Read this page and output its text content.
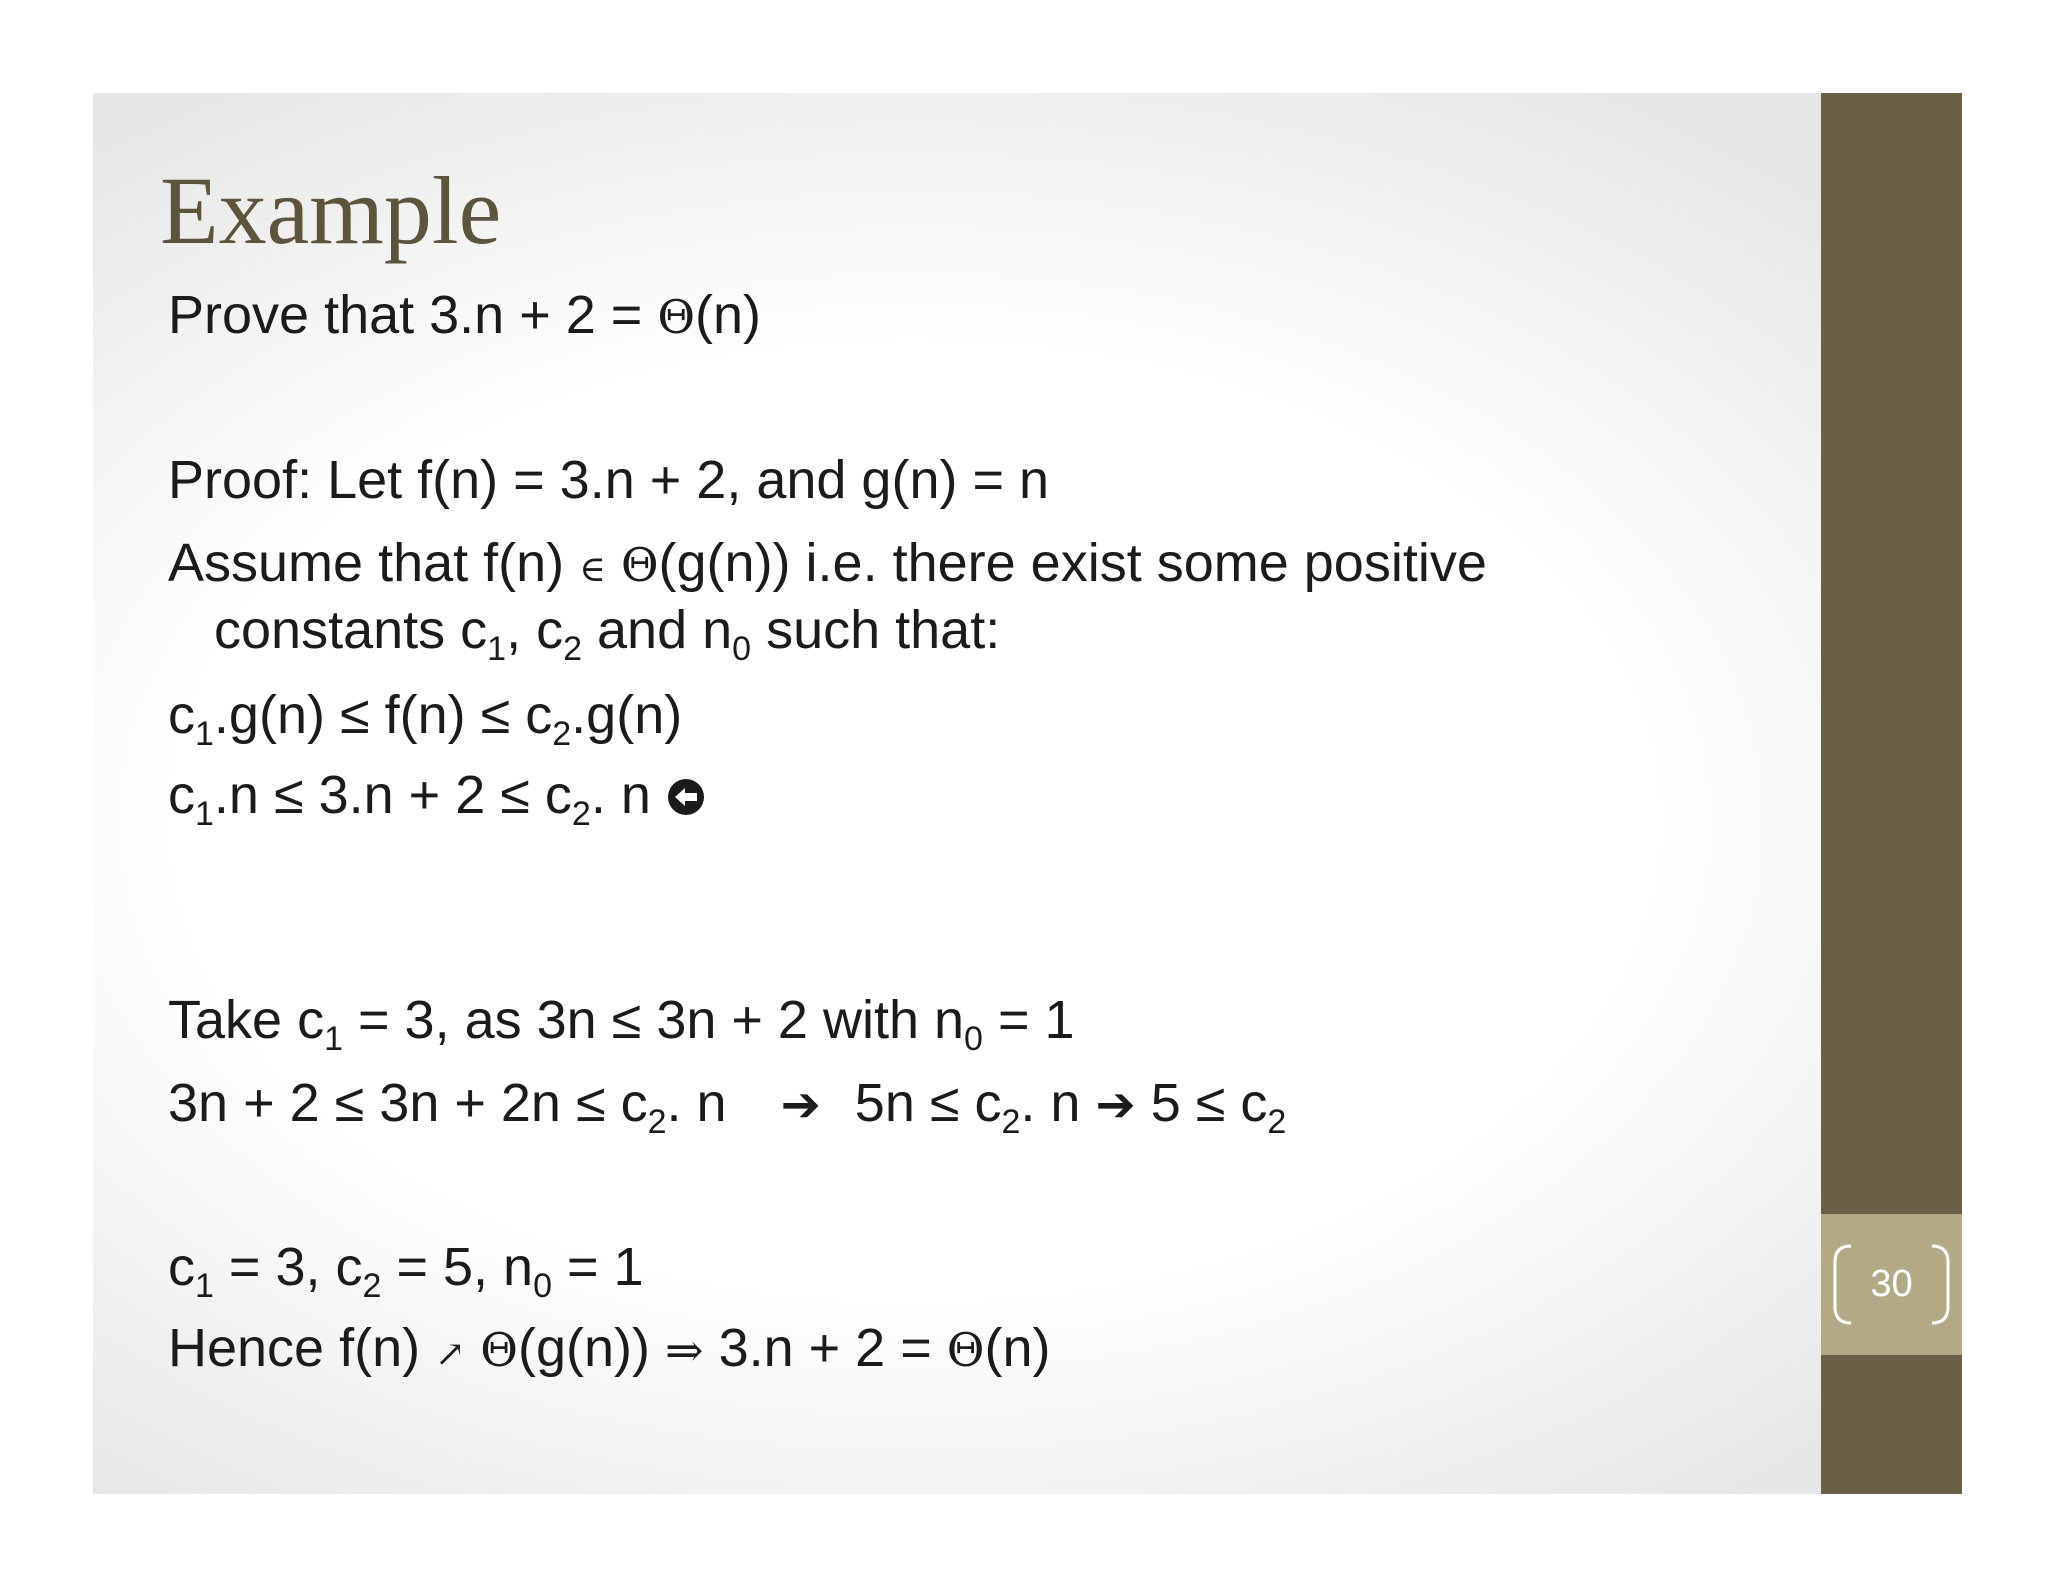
Example
Prove that 3.n + 2 = Θ(n)
Proof: Let f(n) = 3.n + 2, and g(n) = n
Assume that f(n) ∈ Θ(g(n)) i.e. there exist some positive
constants $c_1$, $c_2$ and $n_0$ such that:
$c_1.g(n) \le f(n) \le c_2.g(n)$
$c_1.n \le 3.n + 2 \le c_2$. n
Take $c_1 = 3$, as 3n ≤ 3n + 2 with $n_0 = 1$
$3n + 2 \le 3n + 2n \le c_2$. n ➔ $5n \le c_2$. n ➔ $5 \le c_2$
$c_1 = 3$, $c_2 = 5$, $n_0 = 1$
Hence f(n) ↗ Θ(g(n)) ⇒ 3.n + 2 = Θ(n)
30
